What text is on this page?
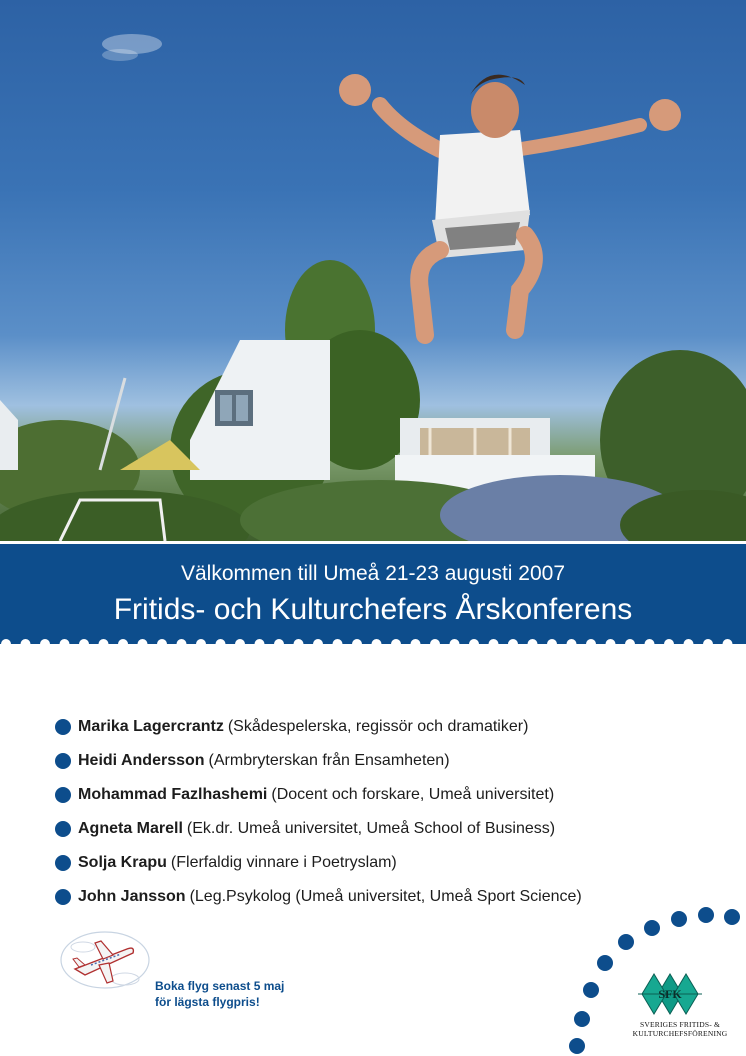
Välkommen till Umeå 21-23 augusti 2007
Fritids- och Kulturchefers Årskonferens
Marika Lagercrantz (Skådespelerska, regissör och dramatiker)
Heidi Andersson (Armbryterskan från Ensamheten)
Mohammad Fazlhashemi (Docent och forskare, Umeå universitet)
Agneta Marell (Ek.dr. Umeå universitet, Umeå School of Business)
Solja Krapu (Flerfaldig vinnare i Poetryslam)
John Jansson (Leg.Psykolog (Umeå universitet, Umeå Sport Science)
Boka flyg senast 5 maj
för lägsta flygpris!
SFK
SVERIGES FRITIDS- &
KULTURCHEFSFÖRENING
